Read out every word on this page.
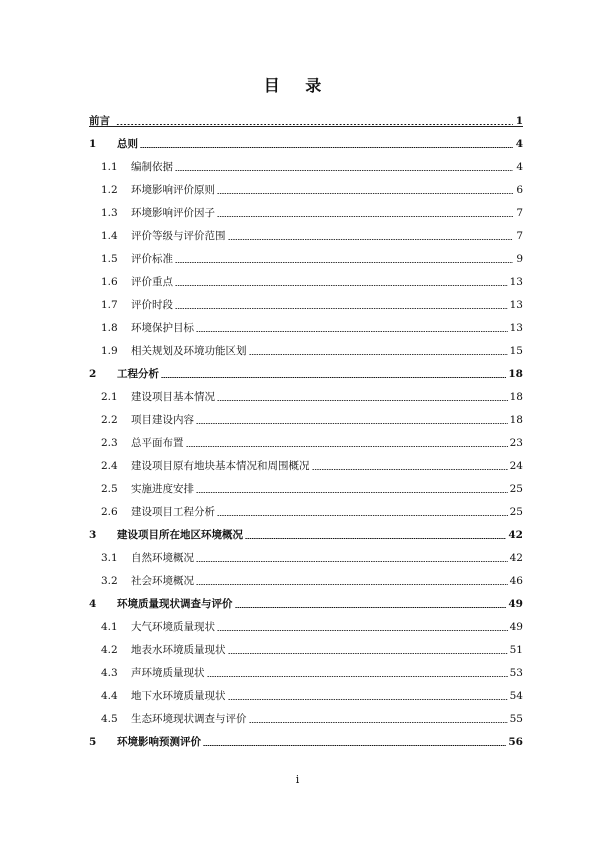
目 录
前言	1
1	总则	4
1.1	编制依据	4
1.2	环境影响评价原则	6
1.3	环境影响评价因子	7
1.4	评价等级与评价范围	7
1.5	评价标准	9
1.6	评价重点	13
1.7	评价时段	13
1.8	环境保护目标	13
1.9	相关规划及环境功能区划	15
2	工程分析	18
2.1	建设项目基本情况	18
2.2	项目建设内容	18
2.3	总平面布置	23
2.4	建设项目原有地块基本情况和周围概况	24
2.5	实施进度安排	25
2.6	建设项目工程分析	25
3	建设项目所在地区环境概况	42
3.1	自然环境概况	42
3.2	社会环境概况	46
4	环境质量现状调查与评价	49
4.1	大气环境质量现状	49
4.2	地表水环境质量现状	51
4.3	声环境质量现状	53
4.4	地下水环境质量现状	54
4.5	生态环境现状调查与评价	55
5	环境影响预测评价	56
i
